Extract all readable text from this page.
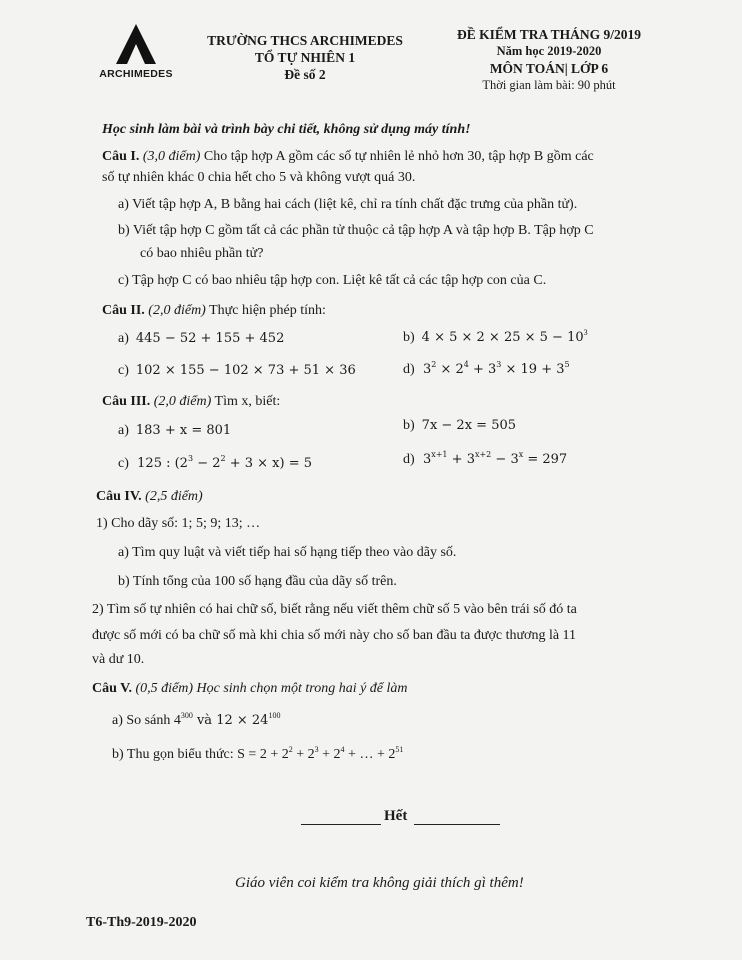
ARCHIMEDES
TRƯỜNG THCS ARCHIMEDES
TỔ TỰ NHIÊN 1
Đề số 2
ĐỀ KIỂM TRA THÁNG 9/2019
Năm học 2019-2020
MÔN TOÁN| LỚP 6
Thời gian làm bài: 90 phút
Học sinh làm bài và trình bày chi tiết, không sử dụng máy tính!
Câu I. (3,0 điểm) Cho tập hợp A gồm các số tự nhiên lẻ nhỏ hơn 30, tập hợp B gồm các
số tự nhiên khác 0 chia hết cho 5 và không vượt quá 30.
a) Viết tập hợp A, B bằng hai cách (liệt kê, chỉ ra tính chất đặc trưng của phần tử).
b) Viết tập hợp C gồm tất cả các phần tử thuộc cả tập hợp A và tập hợp B. Tập hợp C
có bao nhiêu phần tử?
c) Tập hợp C có bao nhiêu tập hợp con. Liệt kê tất cả các tập hợp con của C.
Câu II. (2,0 điểm) Thực hiện phép tính:
a) 445 − 52 + 155 + 452	b) $4 \times 5 \times 2 \times 25 \times 5 - 10^3$
c) 102 × 155 − 102 × 73 + 51 × 36	d) $3^2 \times 2^4 + 3^3 \times 19 + 3^5$
Câu III. (2,0 điểm) Tìm x, biết:
a) 183 + x = 801	b) 7x − 2x = 505
c) 125 : $(2^3 - 2^2 + 3 \times x) = 5$	d) $3^{x+1} + 3^{x+2} - 3^x = 297$
Câu IV. (2,5 điểm)
1) Cho dãy số: 1; 5; 9; 13; …
a) Tìm quy luật và viết tiếp hai số hạng tiếp theo vào dãy số.
b) Tính tổng của 100 số hạng đầu của dãy số trên.
2) Tìm số tự nhiên có hai chữ số, biết rằng nếu viết thêm chữ số 5 vào bên trái số đó ta
được số mới có ba chữ số mà khi chia số mới này cho số ban đầu ta được thương là 11
và dư 10.
Câu V. (0,5 điểm) Học sinh chọn một trong hai ý để làm
a) So sánh $4^{300}$ và $12 \times 24^{100}$
b) Thu gọn biểu thức: $S = 2 + 2^2 + 2^3 + 2^4$ + … + $2^{51}$
Hết
Giáo viên coi kiểm tra không giải thích gì thêm!
T6-Th9-2019-2020
